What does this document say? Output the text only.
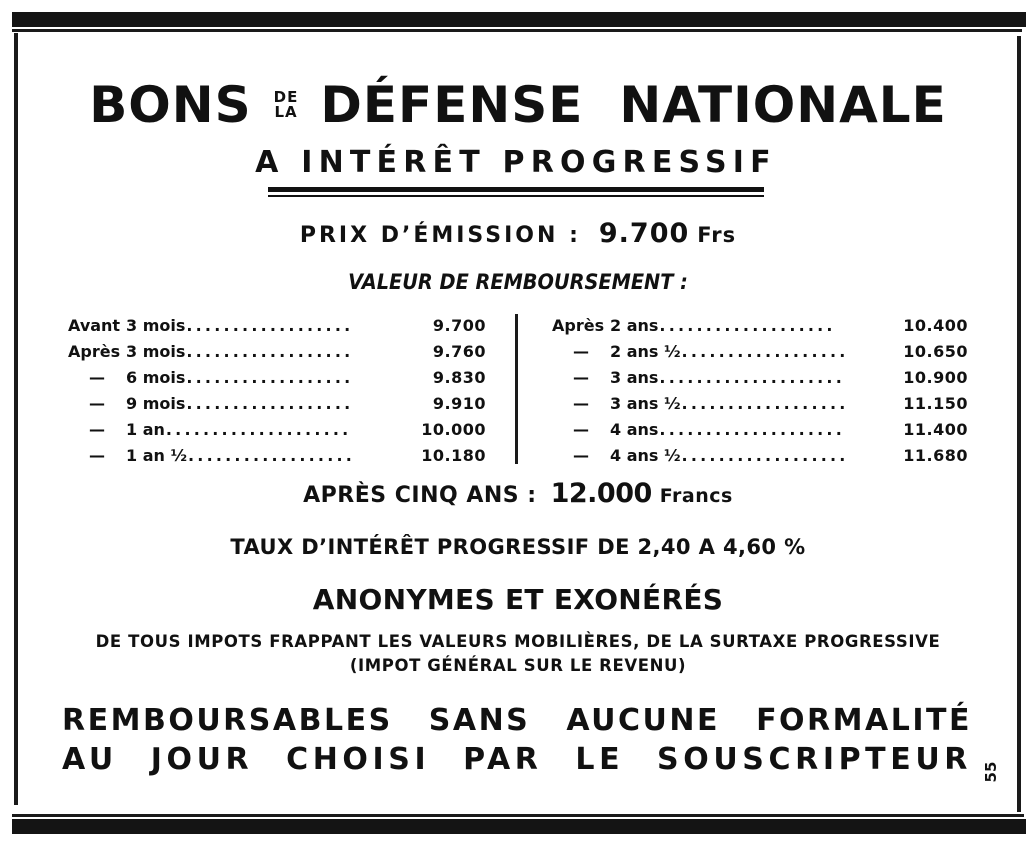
BONS DE
LA DÉFENSE NATIONALE
A INTÉRÊT PROGRESSIF
PRIX D’ÉMISSION : 9.700 Frs
VALEUR DE REMBOURSEMENT :
Avant 3 mois ..................	9.700
Après 3 mois ..................	9.760
—	6 mois ..................	9.830
—	9 mois ..................	9.910
—	1 an ....................	10.000
—	1 an ½ ..................	10.180
Après 2 ans ...................	10.400
—	2 ans ½ ..................	10.650
—	3 ans ....................	10.900
—	3 ans ½ ..................	11.150
—	4 ans ....................	11.400
—	4 ans ½ ..................	11.680
APRÈS CINQ ANS : 12.000 Francs
TAUX D’INTÉRÊT PROGRESSIF DE 2,40 A 4,60 %
ANONYMES ET EXONÉRÉS
DE TOUS IMPOTS FRAPPANT LES VALEURS MOBILIÈRES, DE LA SURTAXE PROGRESSIVE (IMPOT GÉNÉRAL SUR LE REVENU)
REMBOURSABLES SANS AUCUNE FORMALITÉ
AU JOUR CHOISI PAR LE SOUSCRIPTEUR 55
